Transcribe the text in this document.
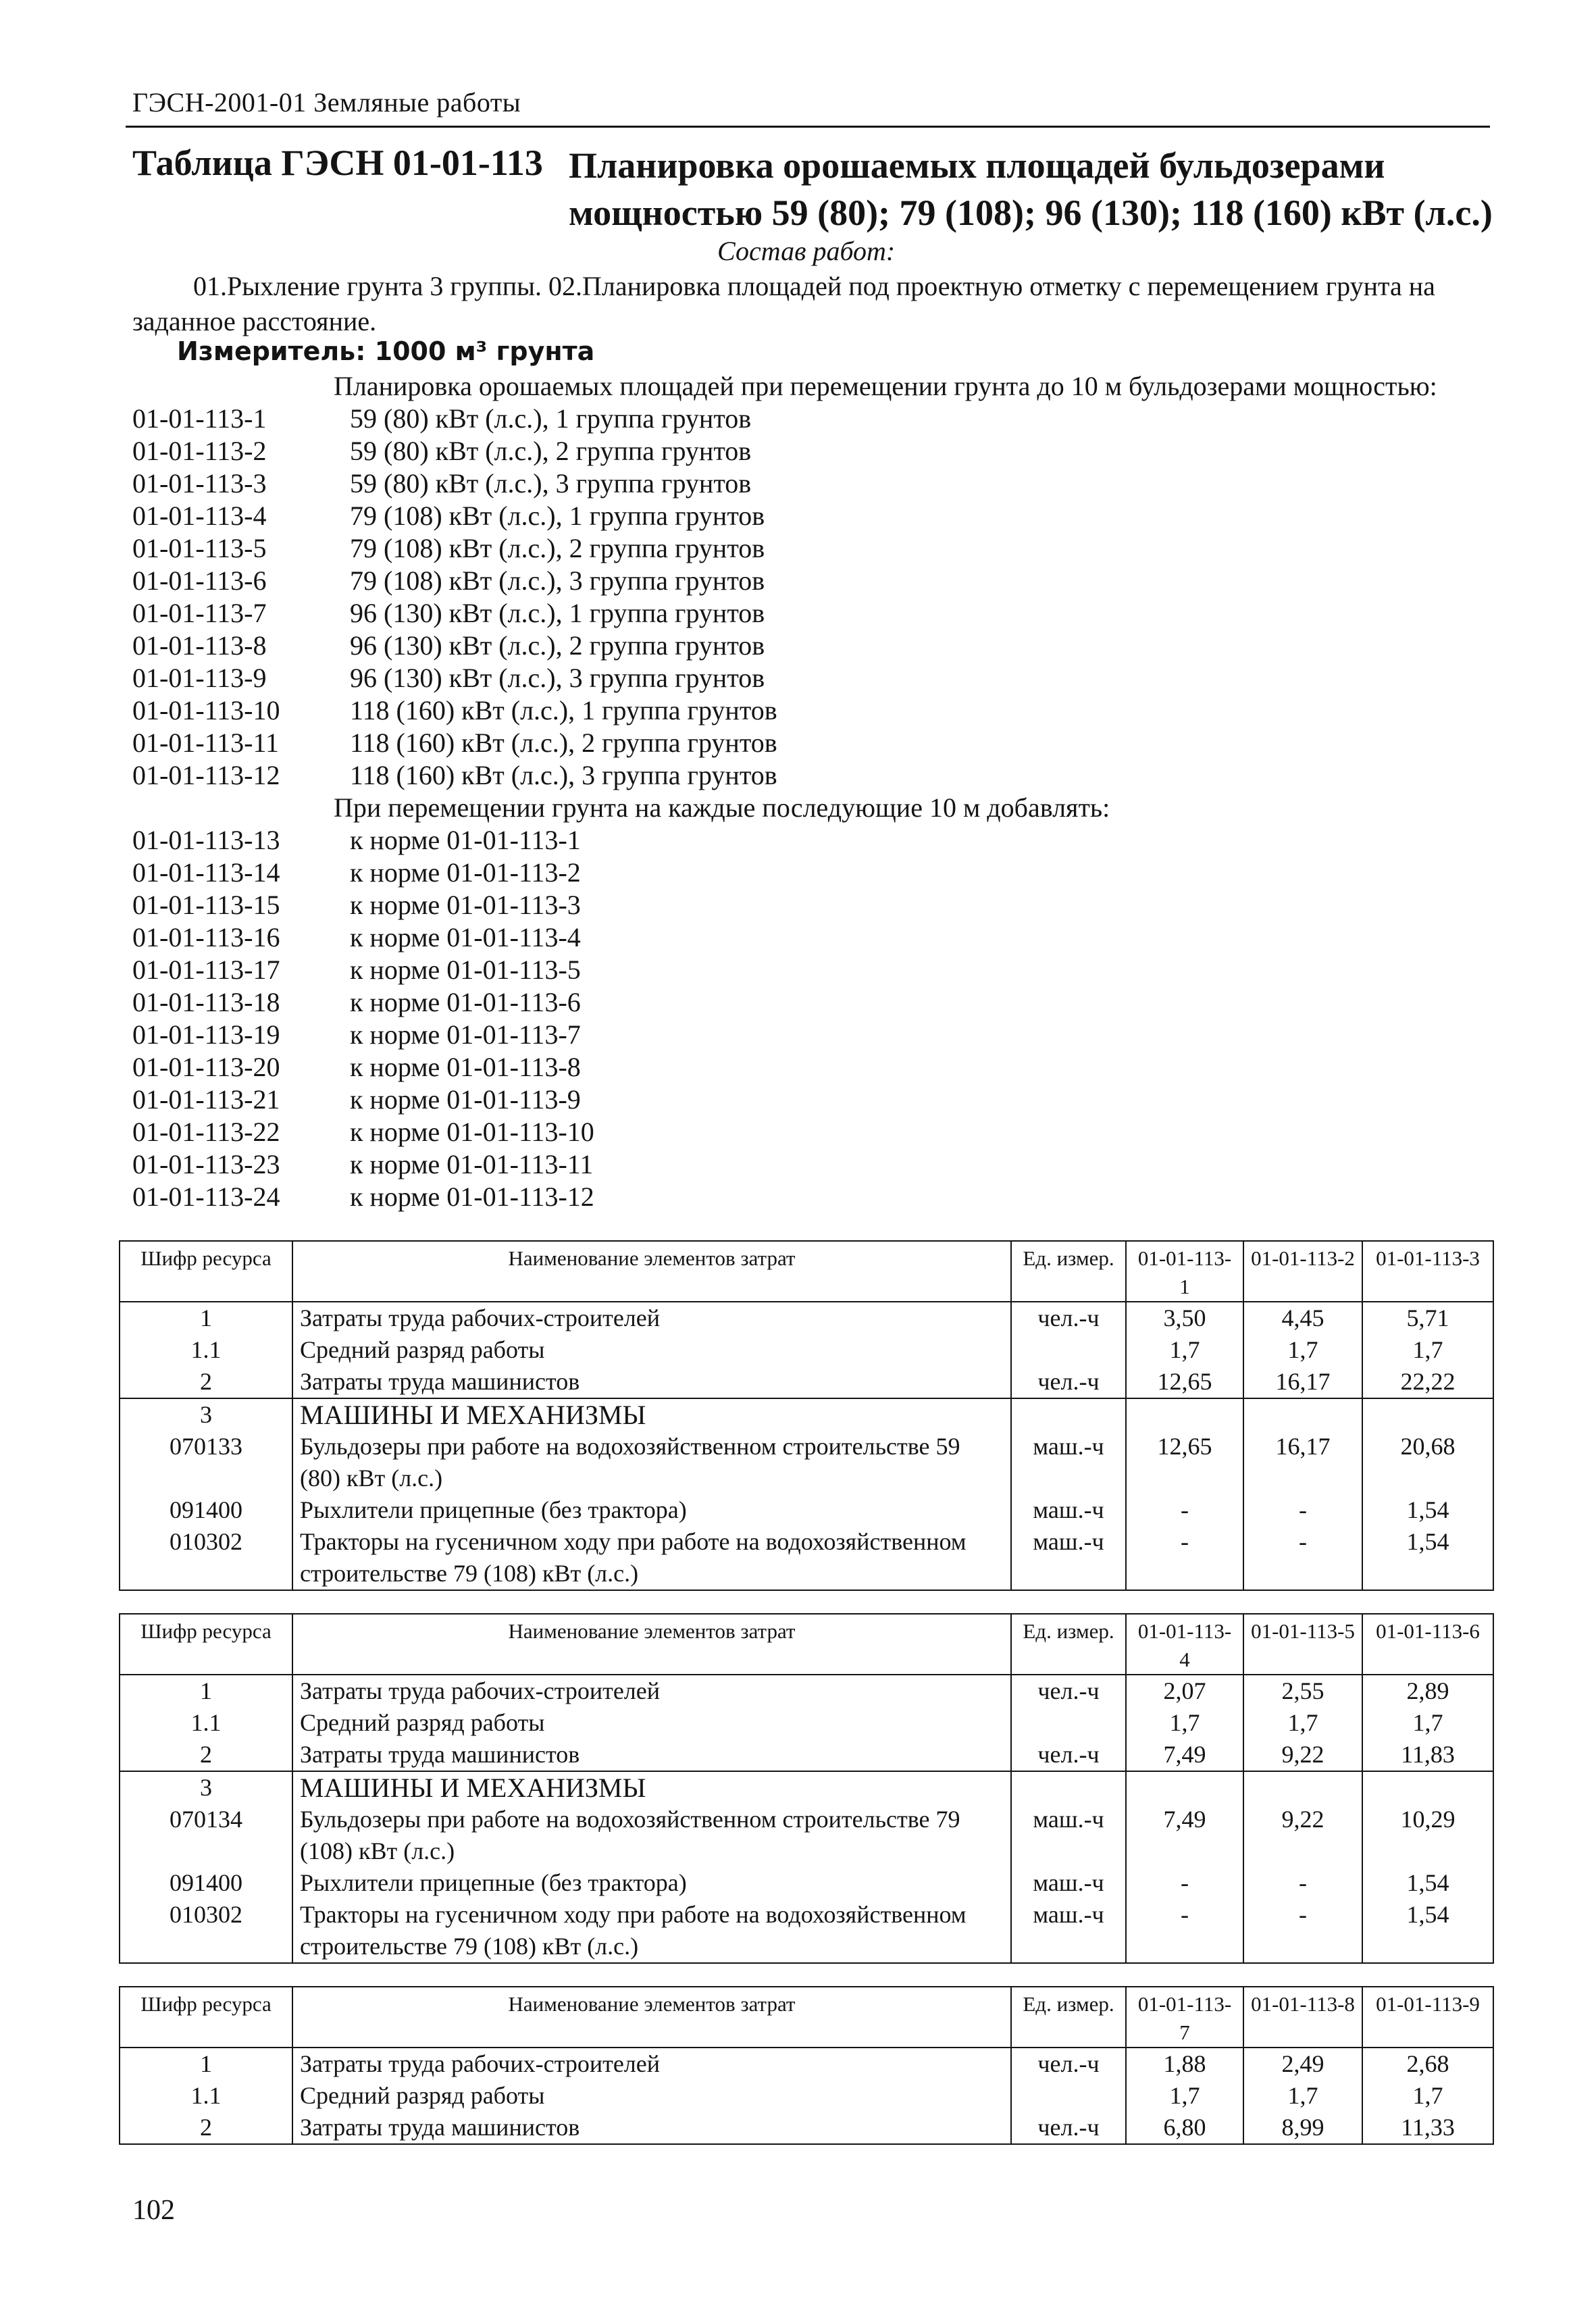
ГЭСН-2001-01 Земляные работы
Таблица ГЭСН 01-01-113 Планировка орошаемых площадей бульдозерами мощностью 59 (80); 79 (108); 96 (130); 118 (160) кВт (л.с.)
Состав работ:
01.Рыхление грунта 3 группы. 02.Планировка площадей под проектную отметку с перемещением грунта на заданное расстояние.
Измеритель: 1000 м³ грунта
Планировка орошаемых площадей при перемещении грунта до 10 м бульдозерами мощностью:
01-01-113-1	59 (80) кВт (л.с.), 1 группа грунтов
01-01-113-2	59 (80) кВт (л.с.), 2 группа грунтов
01-01-113-3	59 (80) кВт (л.с.), 3 группа грунтов
01-01-113-4	79 (108) кВт (л.с.), 1 группа грунтов
01-01-113-5	79 (108) кВт (л.с.), 2 группа грунтов
01-01-113-6	79 (108) кВт (л.с.), 3 группа грунтов
01-01-113-7	96 (130) кВт (л.с.), 1 группа грунтов
01-01-113-8	96 (130) кВт (л.с.), 2 группа грунтов
01-01-113-9	96 (130) кВт (л.с.), 3 группа грунтов
01-01-113-10	118 (160) кВт (л.с.), 1 группа грунтов
01-01-113-11	118 (160) кВт (л.с.), 2 группа грунтов
01-01-113-12	118 (160) кВт (л.с.), 3 группа грунтов
При перемещении грунта на каждые последующие 10 м добавлять:
01-01-113-13	к норме 01-01-113-1
01-01-113-14	к норме 01-01-113-2
01-01-113-15	к норме 01-01-113-3
01-01-113-16	к норме 01-01-113-4
01-01-113-17	к норме 01-01-113-5
01-01-113-18	к норме 01-01-113-6
01-01-113-19	к норме 01-01-113-7
01-01-113-20	к норме 01-01-113-8
01-01-113-21	к норме 01-01-113-9
01-01-113-22	к норме 01-01-113-10
01-01-113-23	к норме 01-01-113-11
01-01-113-24	к норме 01-01-113-12
Шифр ресурса	Наименование элементов затрат	Ед. измер.	01-01-113-1	01-01-113-2	01-01-113-3
1	Затраты труда рабочих-строителей	чел.-ч	3,50	4,45	5,71
1.1	Средний разряд работы		1,7	1,7	1,7
2	Затраты труда машинистов	чел.-ч	12,65	16,17	22,22
3	МАШИНЫ И МЕХАНИЗМЫ				
070133	Бульдозеры при работе на водохозяйственном строительстве 59 (80) кВт (л.с.)	маш.-ч	12,65	16,17	20,68
091400	Рыхлители прицепные (без трактора)	маш.-ч	-	-	1,54
010302	Тракторы на гусеничном ходу при работе на водохозяйственном строительстве 79 (108) кВт (л.с.)	маш.-ч	-	-	1,54
Шифр ресурса	Наименование элементов затрат	Ед. измер.	01-01-113-4	01-01-113-5	01-01-113-6
1	Затраты труда рабочих-строителей	чел.-ч	2,07	2,55	2,89
1.1	Средний разряд работы		1,7	1,7	1,7
2	Затраты труда машинистов	чел.-ч	7,49	9,22	11,83
3	МАШИНЫ И МЕХАНИЗМЫ				
070134	Бульдозеры при работе на водохозяйственном строительстве 79 (108) кВт (л.с.)	маш.-ч	7,49	9,22	10,29
091400	Рыхлители прицепные (без трактора)	маш.-ч	-	-	1,54
010302	Тракторы на гусеничном ходу при работе на водохозяйственном строительстве 79 (108) кВт (л.с.)	маш.-ч	-	-	1,54
Шифр ресурса	Наименование элементов затрат	Ед. измер.	01-01-113-7	01-01-113-8	01-01-113-9
1	Затраты труда рабочих-строителей	чел.-ч	1,88	2,49	2,68
1.1	Средний разряд работы		1,7	1,7	1,7
2	Затраты труда машинистов	чел.-ч	6,80	8,99	11,33
102
